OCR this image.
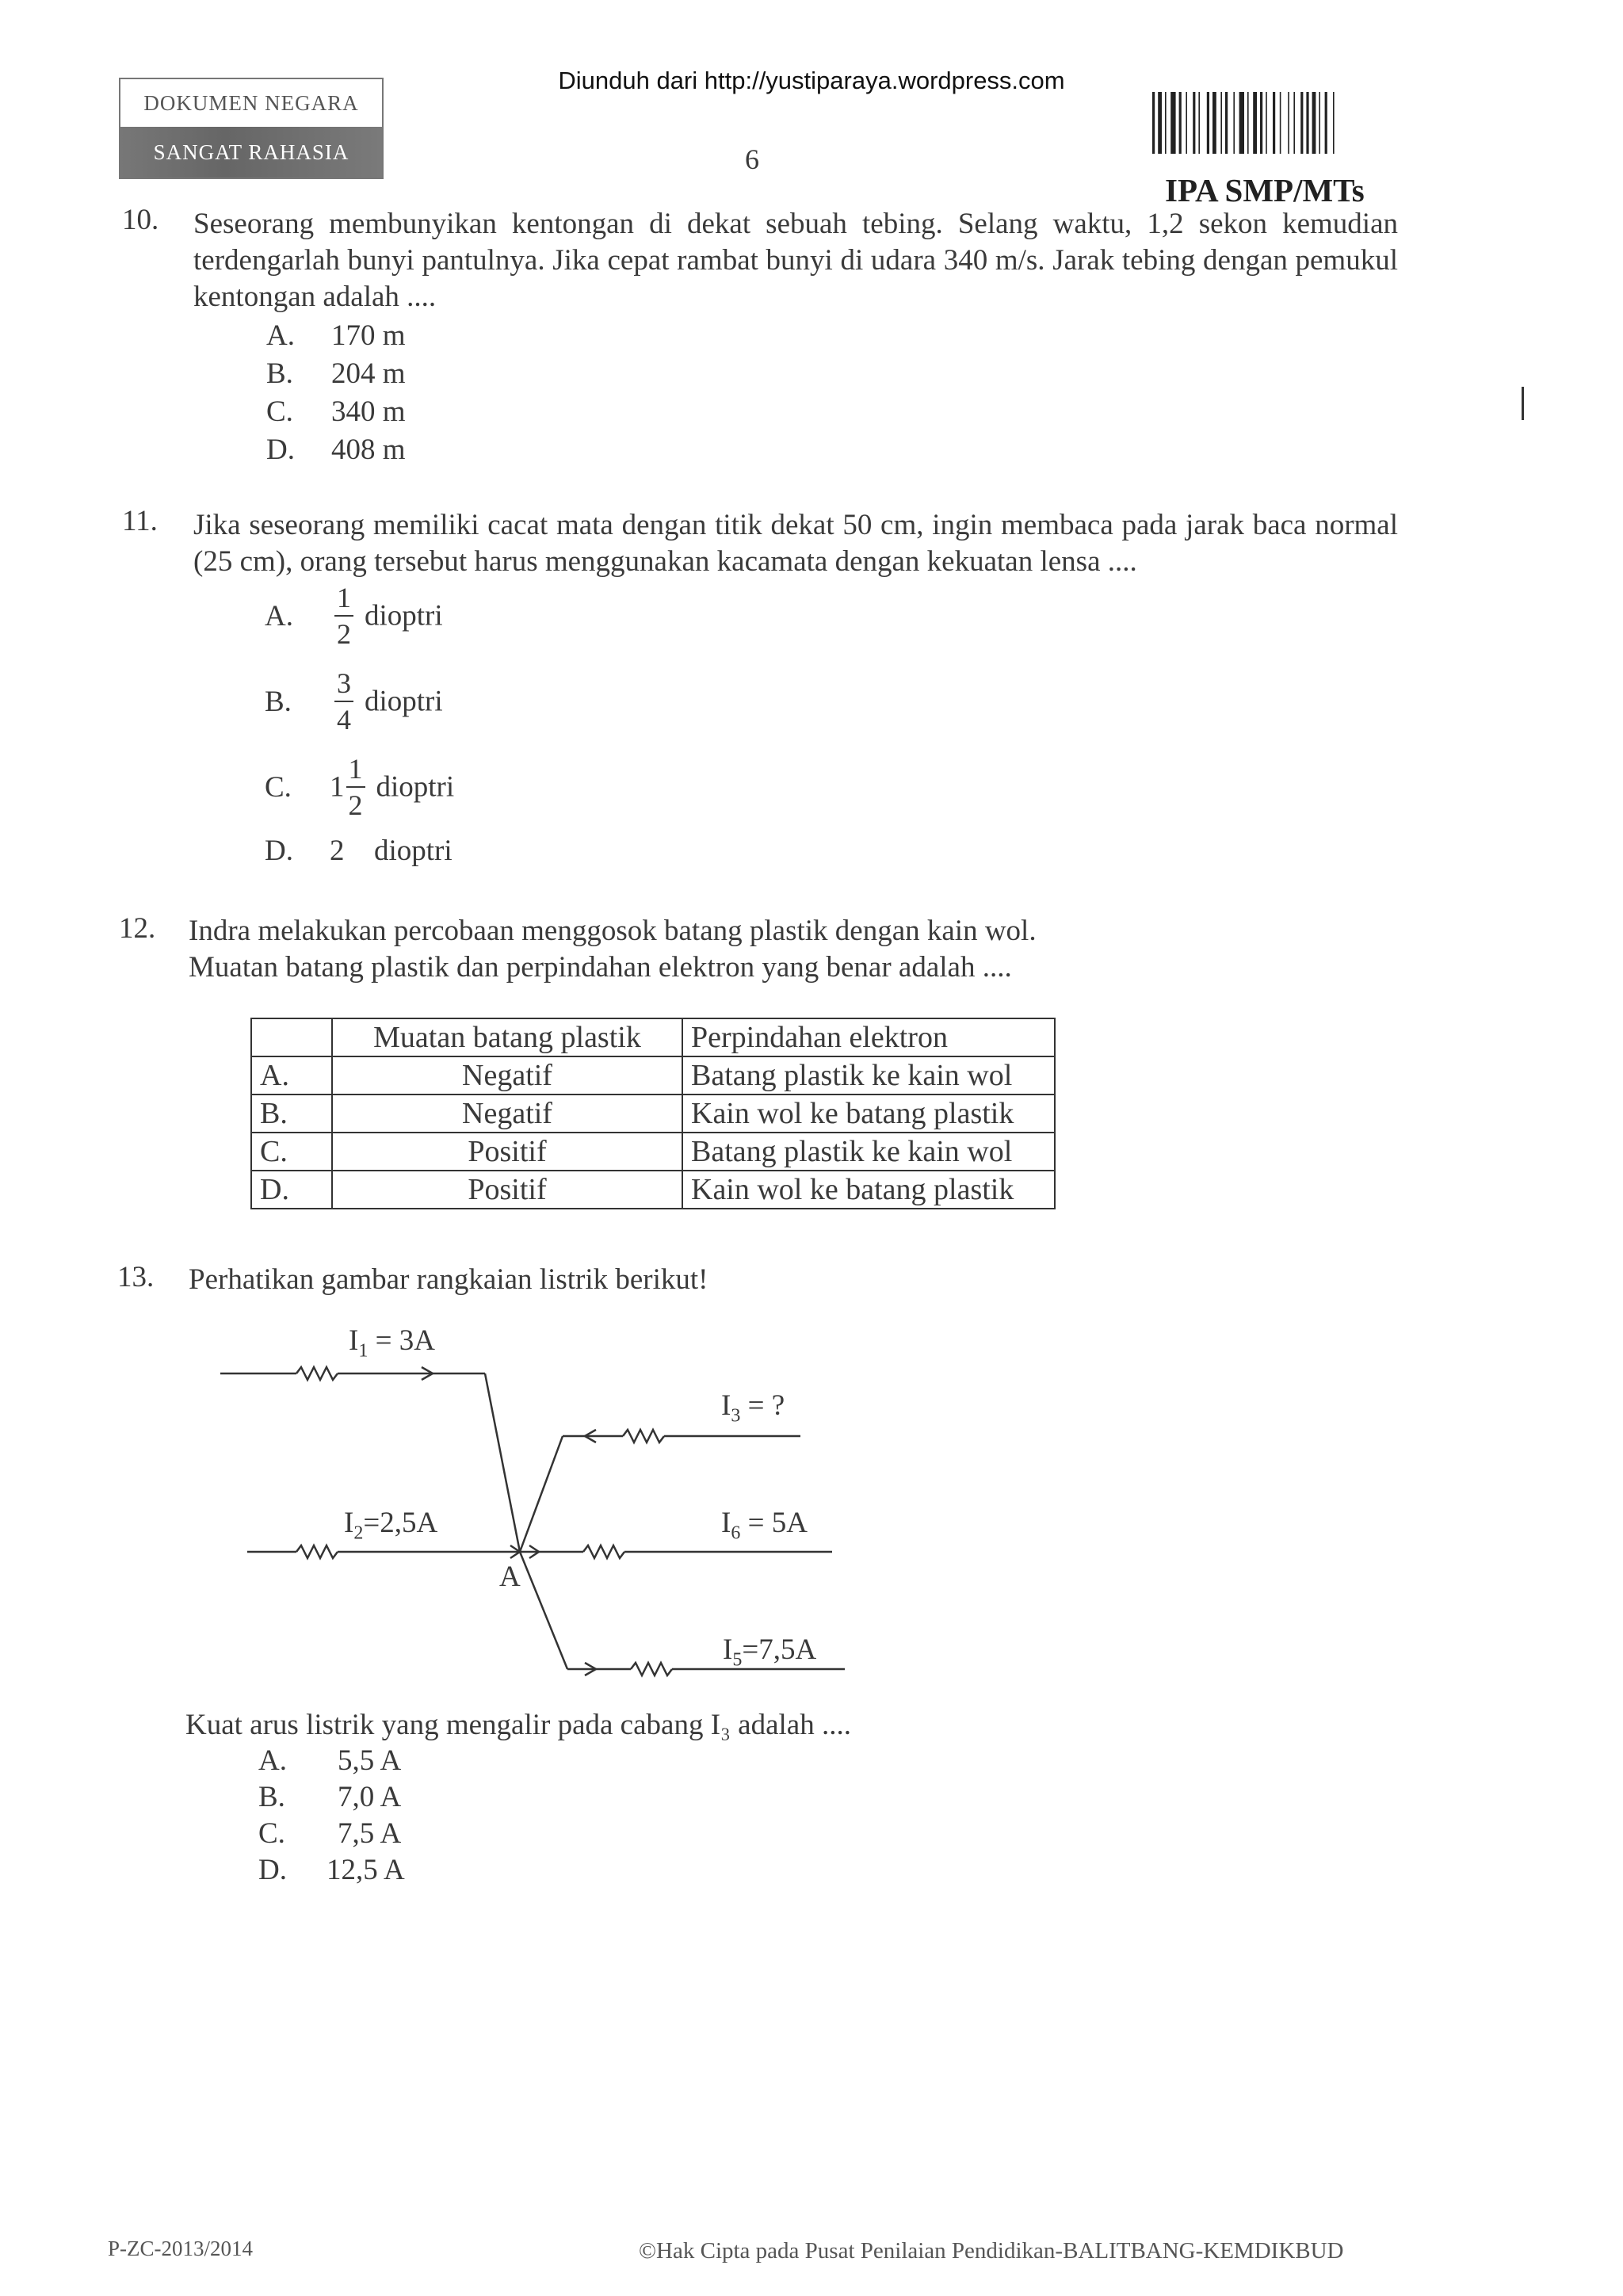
DOKUMEN NEGARA
SANGAT RAHASIA
Diunduh dari http://yustiparaya.wordpress.com
6
IPA SMP/MTs
10. Seseorang membunyikan kentongan di dekat sebuah tebing. Selang waktu, 1,2 sekon kemudian terdengarlah bunyi pantulnya. Jika cepat rambat bunyi di udara 340 m/s. Jarak tebing dengan pemukul kentongan adalah ....
A. 170 m
B. 204 m
C. 340 m
D. 408 m
11. Jika seseorang memiliki cacat mata dengan titik dekat 50 cm, ingin membaca pada jarak baca normal (25 cm), orang tersebut harus menggunakan kacamata dengan kekuatan lensa ....
A. $\frac{1}{2}$ dioptri
B. $\frac{3}{4}$ dioptri
C. $1 \frac{1}{2}$ dioptri
D. 2 dioptri
12. Indra melakukan percobaan menggosok batang plastik dengan kain wol.
Muatan batang plastik dan perpindahan elektron yang benar adalah ....
	Muatan batang plastik	Perpindahan elektron
A.	Negatif	Batang plastik ke kain wol
B.	Negatif	Kain wol ke batang plastik
C.	Positif	Batang plastik ke kain wol
D.	Positif	Kain wol ke batang plastik
13. Perhatikan gambar rangkaian listrik berikut!
$I_1 = 3A$
$I_2=2,5A$
$I_3$ = ?
$I_6 = 5A$
$I_5=7,5A$
A
Kuat arus listrik yang mengalir pada cabang I₃ adalah ....
A. 5,5 A
B. 7,0 A
C. 7,5 A
D. 12,5 A
P-ZC-2013/2014	©Hak Cipta pada Pusat Penilaian Pendidikan-BALITBANG-KEMDIKBUD
